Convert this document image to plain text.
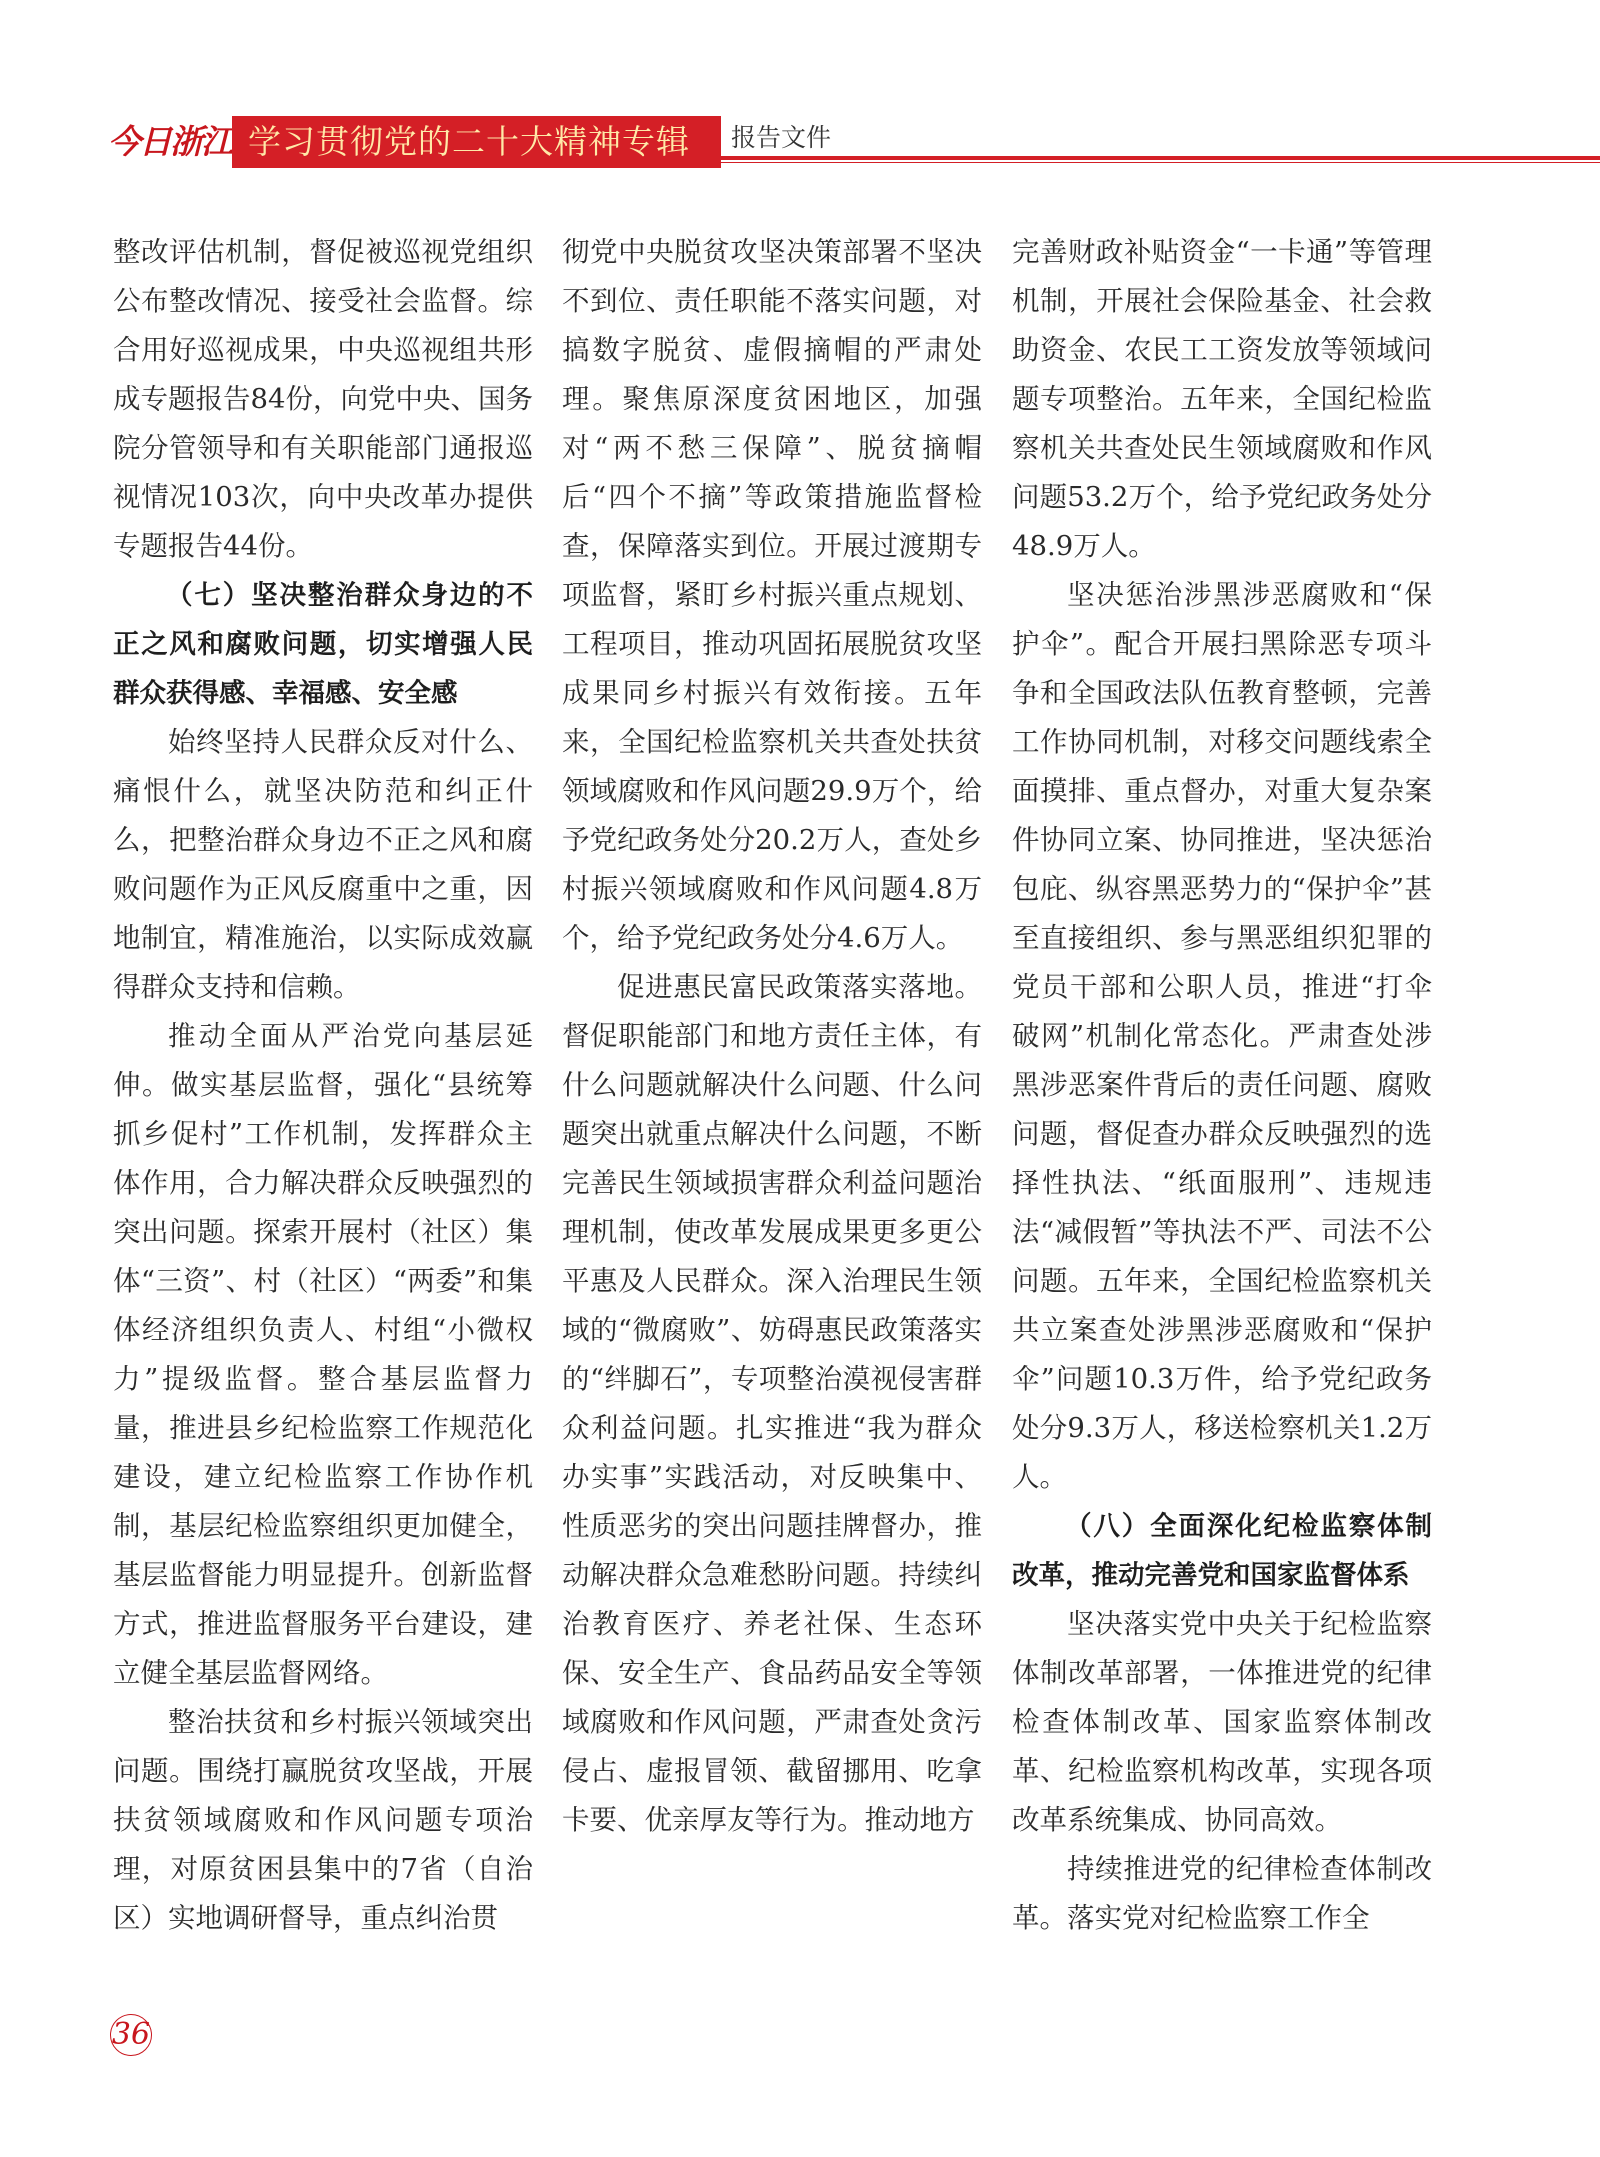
今日浙江 学习贯彻党的二十大精神专辑	报告文件

整改评估机制，督促被巡视党组织公布整改情况、接受社会监督。综合用好巡视成果，中央巡视组共形成专题报告84份，向党中央、国务院分管领导和有关职能部门通报巡视情况103次，向中央改革办提供专题报告44份。

（七）坚决整治群众身边的不正之风和腐败问题，切实增强人民群众获得感、幸福感、安全感

始终坚持人民群众反对什么、痛恨什么，就坚决防范和纠正什么，把整治群众身边不正之风和腐败问题作为正风反腐重中之重，因地制宜，精准施治，以实际成效赢得群众支持和信赖。

推动全面从严治党向基层延伸。做实基层监督，强化“县统筹抓乡促村”工作机制，发挥群众主体作用，合力解决群众反映强烈的突出问题。探索开展村（社区）集体“三资”、村（社区）“两委”和集体经济组织负责人、村组“小微权力”提级监督。整合基层监督力量，推进县乡纪检监察工作规范化建设，建立纪检监察工作协作机制，基层纪检监察组织更加健全，基层监督能力明显提升。创新监督方式，推进监督服务平台建设，建立健全基层监督网络。

整治扶贫和乡村振兴领域突出问题。围绕打赢脱贫攻坚战，开展扶贫领域腐败和作风问题专项治理，对原贫困县集中的7省（自治区）实地调研督导，重点纠治贯

彻党中央脱贫攻坚决策部署不坚决不到位、责任职能不落实问题，对搞数字脱贫、虚假摘帽的严肃处理。聚焦原深度贫困地区，加强对“两不愁三保障”、脱贫摘帽后“四个不摘”等政策措施监督检查，保障落实到位。开展过渡期专项监督，紧盯乡村振兴重点规划、工程项目，推动巩固拓展脱贫攻坚成果同乡村振兴有效衔接。五年来，全国纪检监察机关共查处扶贫领域腐败和作风问题29.9万个，给予党纪政务处分20.2万人，查处乡村振兴领域腐败和作风问题4.8万个，给予党纪政务处分4.6万人。

促进惠民富民政策落实落地。督促职能部门和地方责任主体，有什么问题就解决什么问题、什么问题突出就重点解决什么问题，不断完善民生领域损害群众利益问题治理机制，使改革发展成果更多更公平惠及人民群众。深入治理民生领域的“微腐败”、妨碍惠民政策落实的“绊脚石”，专项整治漠视侵害群众利益问题。扎实推进“我为群众办实事”实践活动，对反映集中、性质恶劣的突出问题挂牌督办，推动解决群众急难愁盼问题。持续纠治教育医疗、养老社保、生态环保、安全生产、食品药品安全等领域腐败和作风问题，严肃查处贪污侵占、虚报冒领、截留挪用、吃拿卡要、优亲厚友等行为。推动地方

完善财政补贴资金“一卡通”等管理机制，开展社会保险基金、社会救助资金、农民工工资发放等领域问题专项整治。五年来，全国纪检监察机关共查处民生领域腐败和作风问题53.2万个，给予党纪政务处分48.9万人。

坚决惩治涉黑涉恶腐败和“保护伞”。配合开展扫黑除恶专项斗争和全国政法队伍教育整顿，完善工作协同机制，对移交问题线索全面摸排、重点督办，对重大复杂案件协同立案、协同推进，坚决惩治包庇、纵容黑恶势力的“保护伞”甚至直接组织、参与黑恶组织犯罪的党员干部和公职人员，推进“打伞破网”机制化常态化。严肃查处涉黑涉恶案件背后的责任问题、腐败问题，督促查办群众反映强烈的选择性执法、“纸面服刑”、违规违法“减假暂”等执法不严、司法不公问题。五年来，全国纪检监察机关共立案查处涉黑涉恶腐败和“保护伞”问题10.3万件，给予党纪政务处分9.3万人，移送检察机关1.2万人。

（八）全面深化纪检监察体制改革，推动完善党和国家监督体系

坚决落实党中央关于纪检监察体制改革部署，一体推进党的纪律检查体制改革、国家监察体制改革、纪检监察机构改革，实现各项改革系统集成、协同高效。

持续推进党的纪律检查体制改革。落实党对纪检监察工作全

36
